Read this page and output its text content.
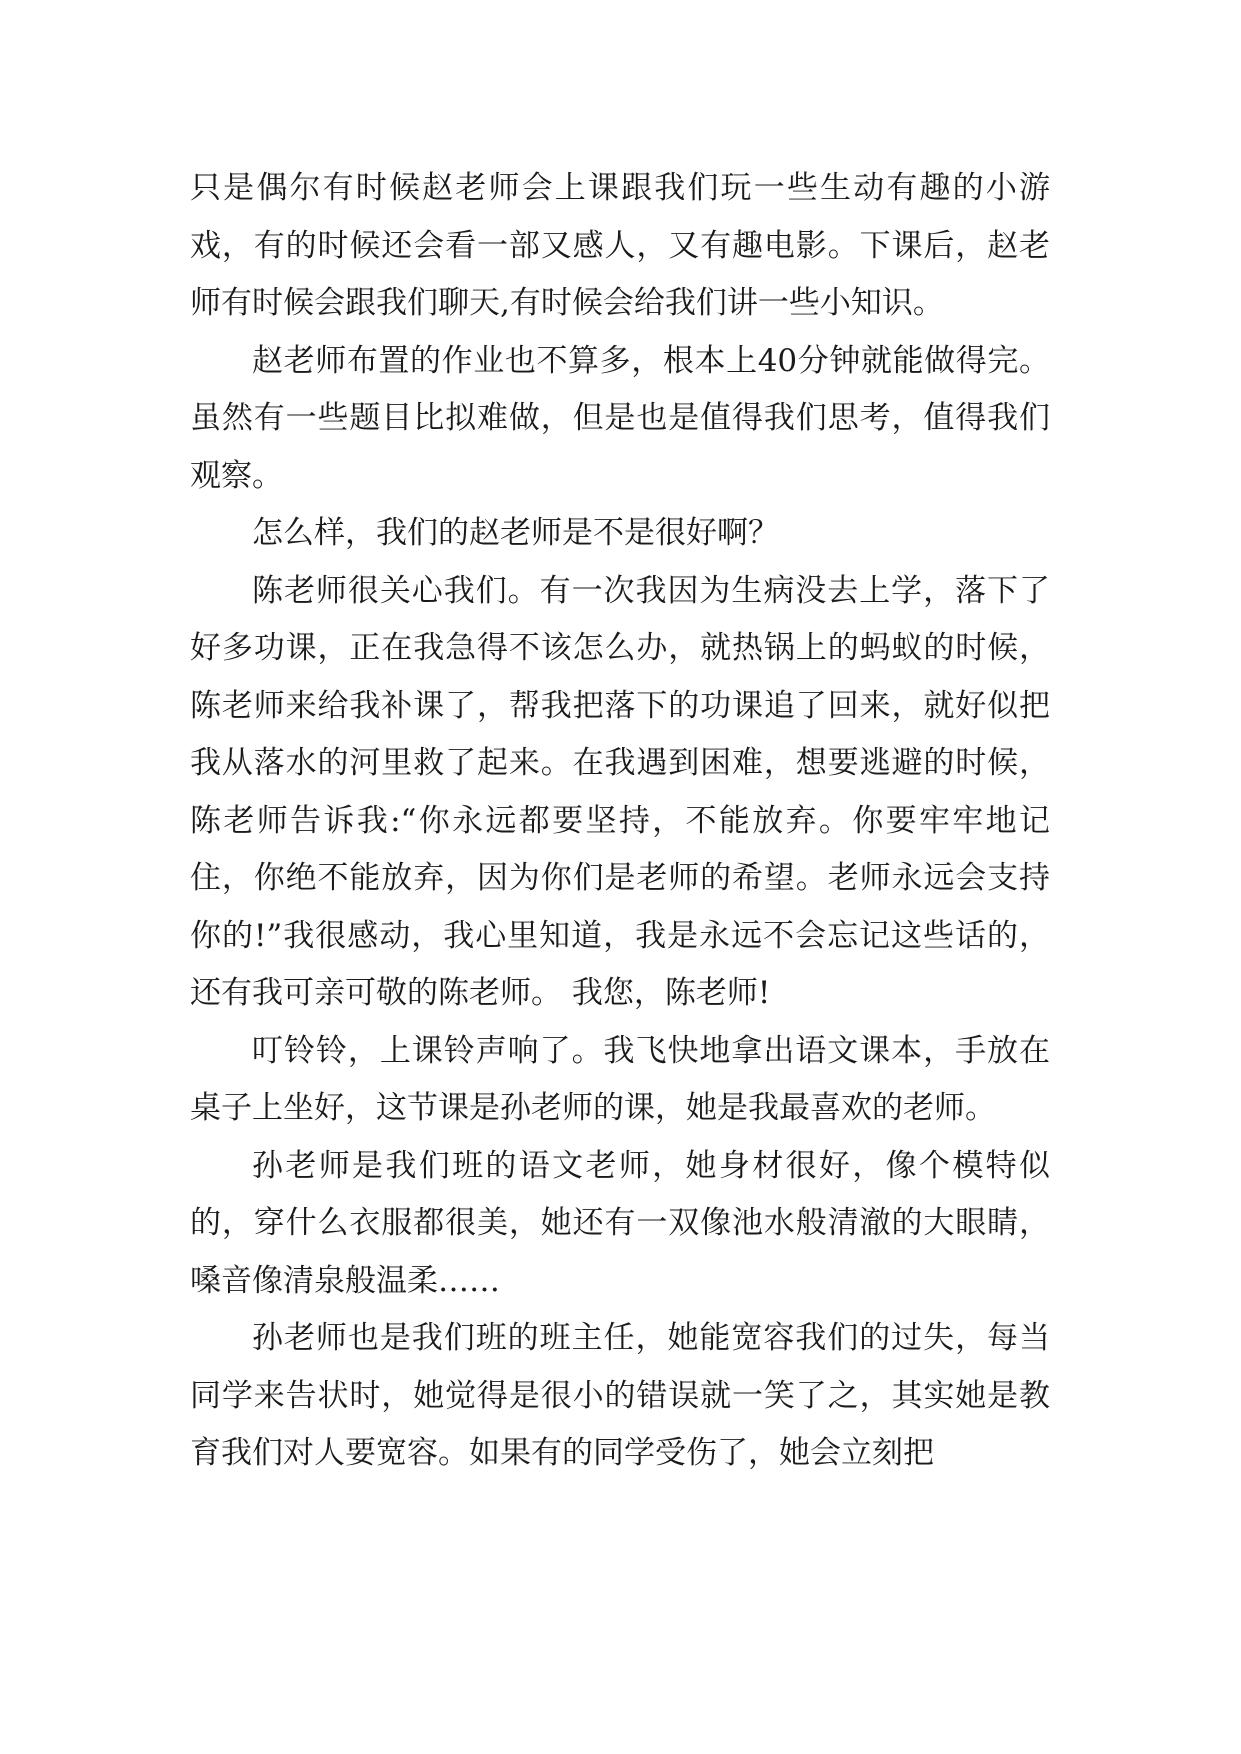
只是偶尔有时候赵老师会上课跟我们玩一些生动有趣的小游戏，有的时候还会看一部又感人，又有趣电影。下课后，赵老师有时候会跟我们聊天,有时候会给我们讲一些小知识。

赵老师布置的作业也不算多，根本上40分钟就能做得完。虽然有一些题目比拟难做，但是也是值得我们思考，值得我们观察。

怎么样，我们的赵老师是不是很好啊？

陈老师很关心我们。有一次我因为生病没去上学，落下了好多功课，正在我急得不该怎么办，就热锅上的蚂蚁的时候，陈老师来给我补课了，帮我把落下的功课追了回来，就好似把我从落水的河里救了起来。在我遇到困难，想要逃避的时候，陈老师告诉我:“你永远都要坚持，不能放弃。你要牢牢地记住，你绝不能放弃，因为你们是老师的希望。老师永远会支持你的!”我很感动，我心里知道，我是永远不会忘记这些话的，还有我可亲可敬的陈老师。 我您，陈老师!

叮铃铃，上课铃声响了。我飞快地拿出语文课本，手放在桌子上坐好，这节课是孙老师的课，她是我最喜欢的老师。

孙老师是我们班的语文老师，她身材很好，像个模特似的，穿什么衣服都很美，她还有一双像池水般清澈的大眼睛，嗓音像清泉般温柔……

孙老师也是我们班的班主任，她能宽容我们的过失，每当同学来告状时，她觉得是很小的错误就一笑了之，其实她是教育我们对人要宽容。如果有的同学受伤了，她会立刻把
